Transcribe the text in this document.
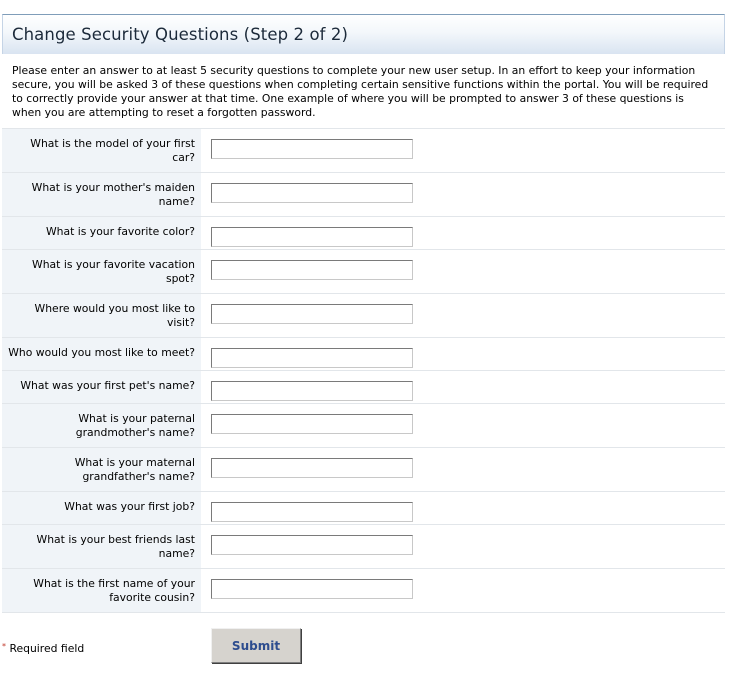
Change Security Questions (Step 2 of 2)
Please enter an answer to at least 5 security questions to complete your new user setup. In an effort to keep your information secure, you will be asked 3 of these questions when completing certain sensitive functions within the portal. You will be required to correctly provide your answer at that time. One example of where you will be prompted to answer 3 of these questions is when you are attempting to reset a forgotten password.
What is the model of your first car?	
What is your mother's maiden name?	
What is your favorite color?	
What is your favorite vacation spot?	
Where would you most like to visit?	
Who would you most like to meet?	
What was your first pet's name?	
What is your paternal grandmother's name?	
What is your maternal grandfather's name?	
What was your first job?	
What is your best friends last name?	
What is the first name of your favorite cousin?	
* Required field	Submit
